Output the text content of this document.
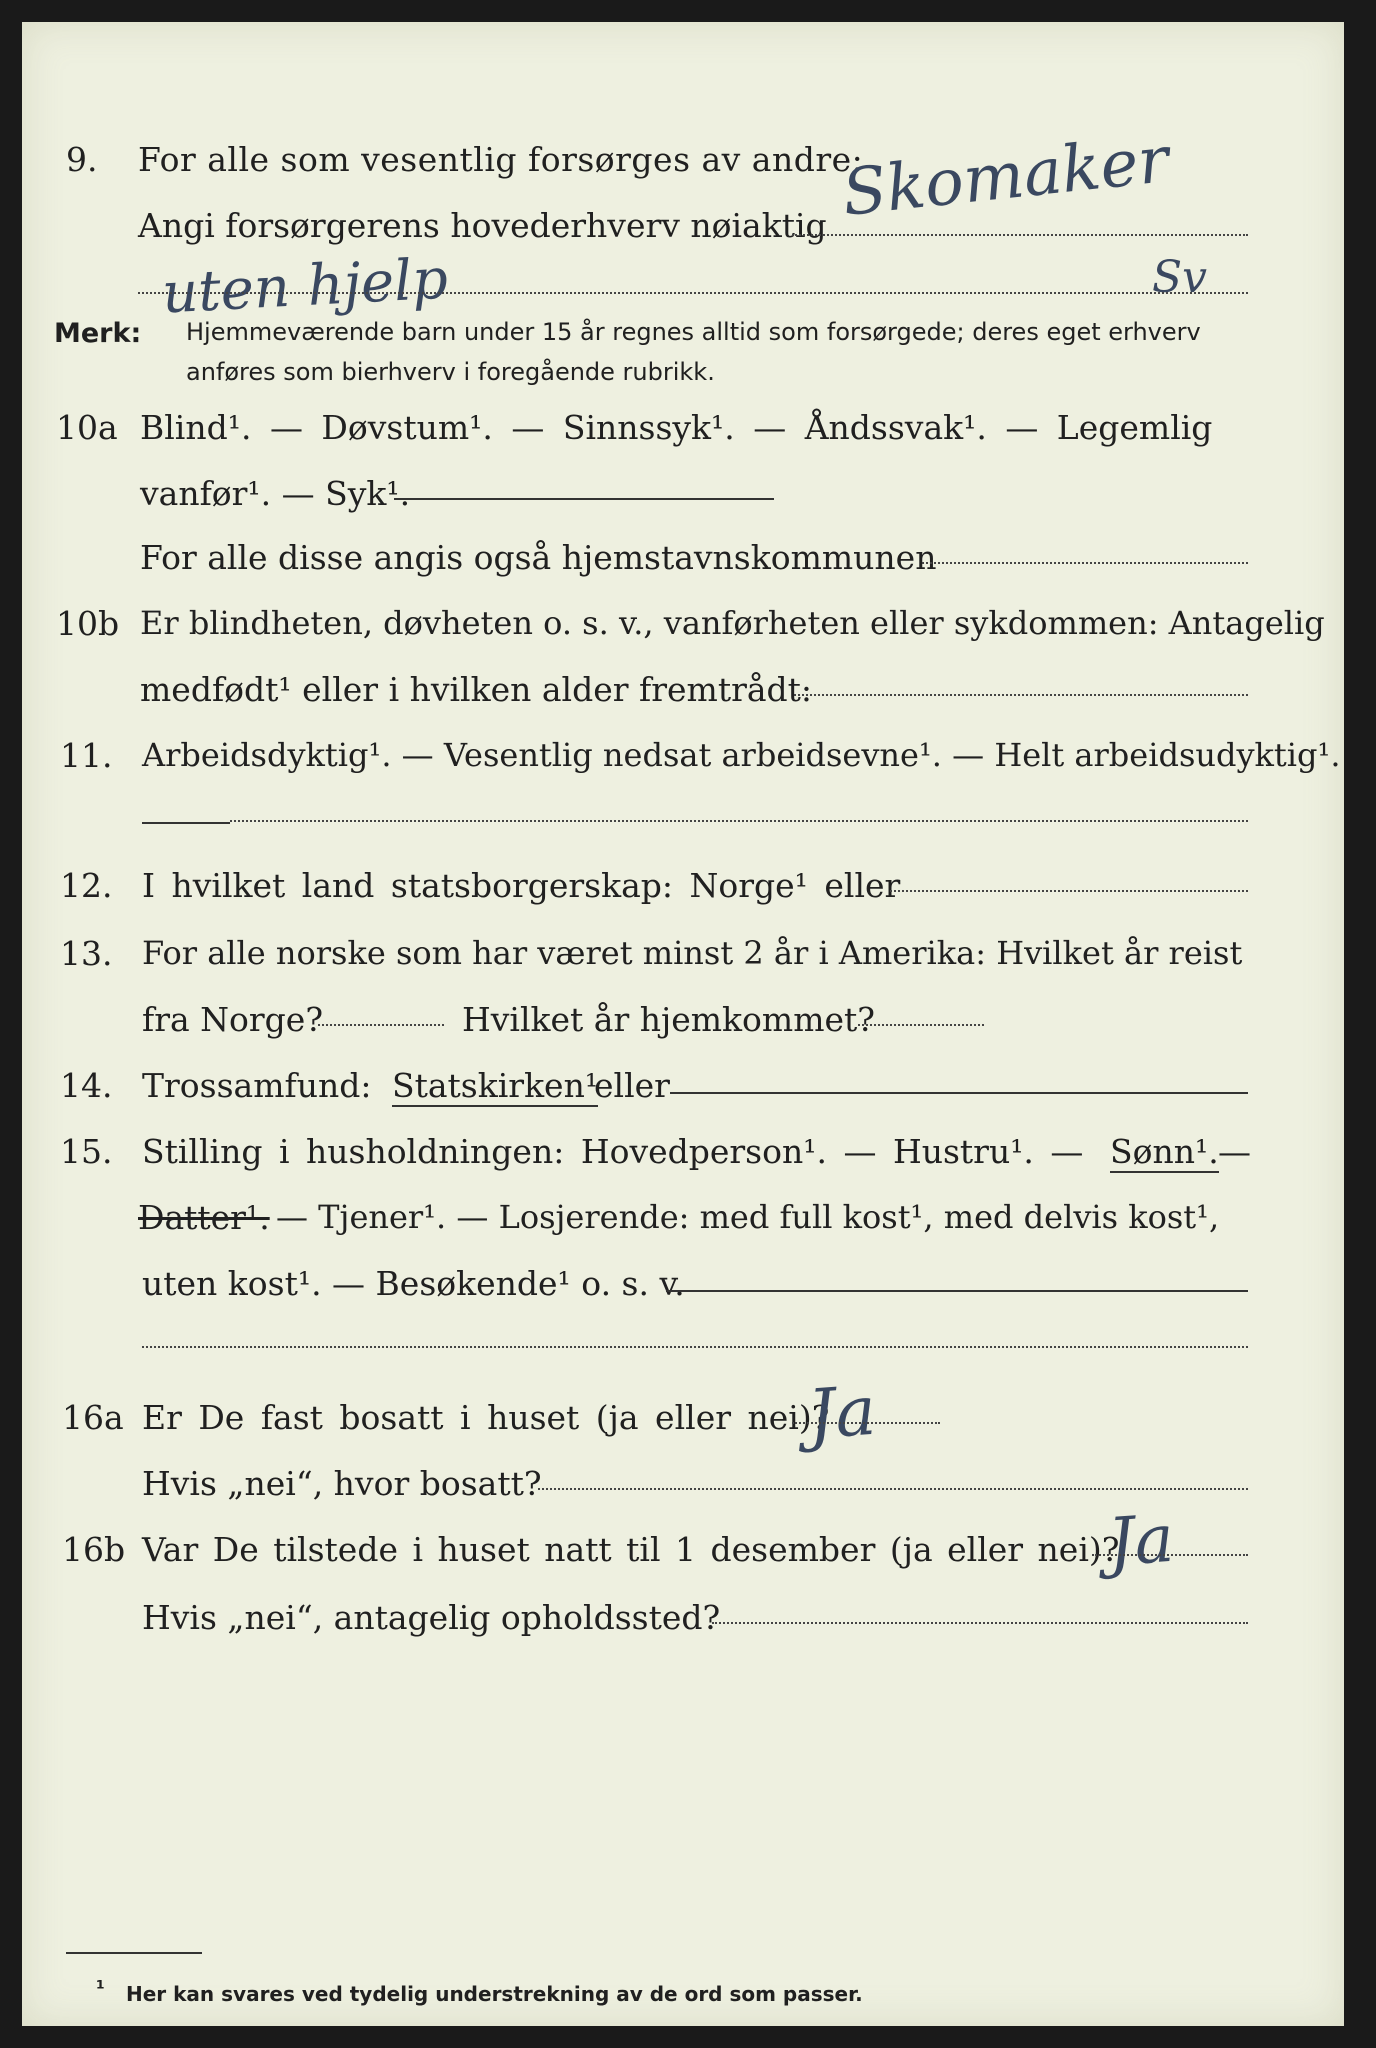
9. For alle som vesentlig forsørges av andre:
Skomaker
Angi forsørgerens hovederhverv nøiaktig
uten hjelp	Sv
Merk: Hjemmeværende barn under 15 år regnes alltid som forsørgede; deres eget erhverv
anføres som bierhverv i foregående rubrikk.
10a Blind¹. — Døvstum¹. — Sinnssyk¹. — Åndssvak¹. — Legemlig
vanfør¹. — Syk¹.
For alle disse angis også hjemstavnskommunen
10b Er blindheten, døvheten o. s. v., vanførheten eller sykdommen: Antagelig
medfødt¹ eller i hvilken alder fremtrådt:
11. Arbeidsdyktig¹. — Vesentlig nedsat arbeidsevne¹. — Helt arbeidsudyktig¹.
12. I hvilket land statsborgerskap: Norge¹ eller
13. For alle norske som har været minst 2 år i Amerika: Hvilket år reist
fra Norge?	Hvilket år hjemkommet?
14. Trossamfund: Statskirken¹
eller
15. Stilling i husholdningen: Hovedperson¹. — Hustru¹. — Sønn¹. —
Datter¹. — Tjener¹. — Losjerende: med full kost¹, med delvis kost¹,
uten kost¹. — Besøkende¹ o. s. v.
16a Er De fast bosatt i huset (ja eller nei)?
Ja
Hvis „nei“, hvor bosatt?
16b Var De tilstede i huset natt til 1 desember (ja eller nei)?
Ja
Hvis „nei“, antagelig opholdssted?
¹ Her kan svares ved tydelig understrekning av de ord som passer.
